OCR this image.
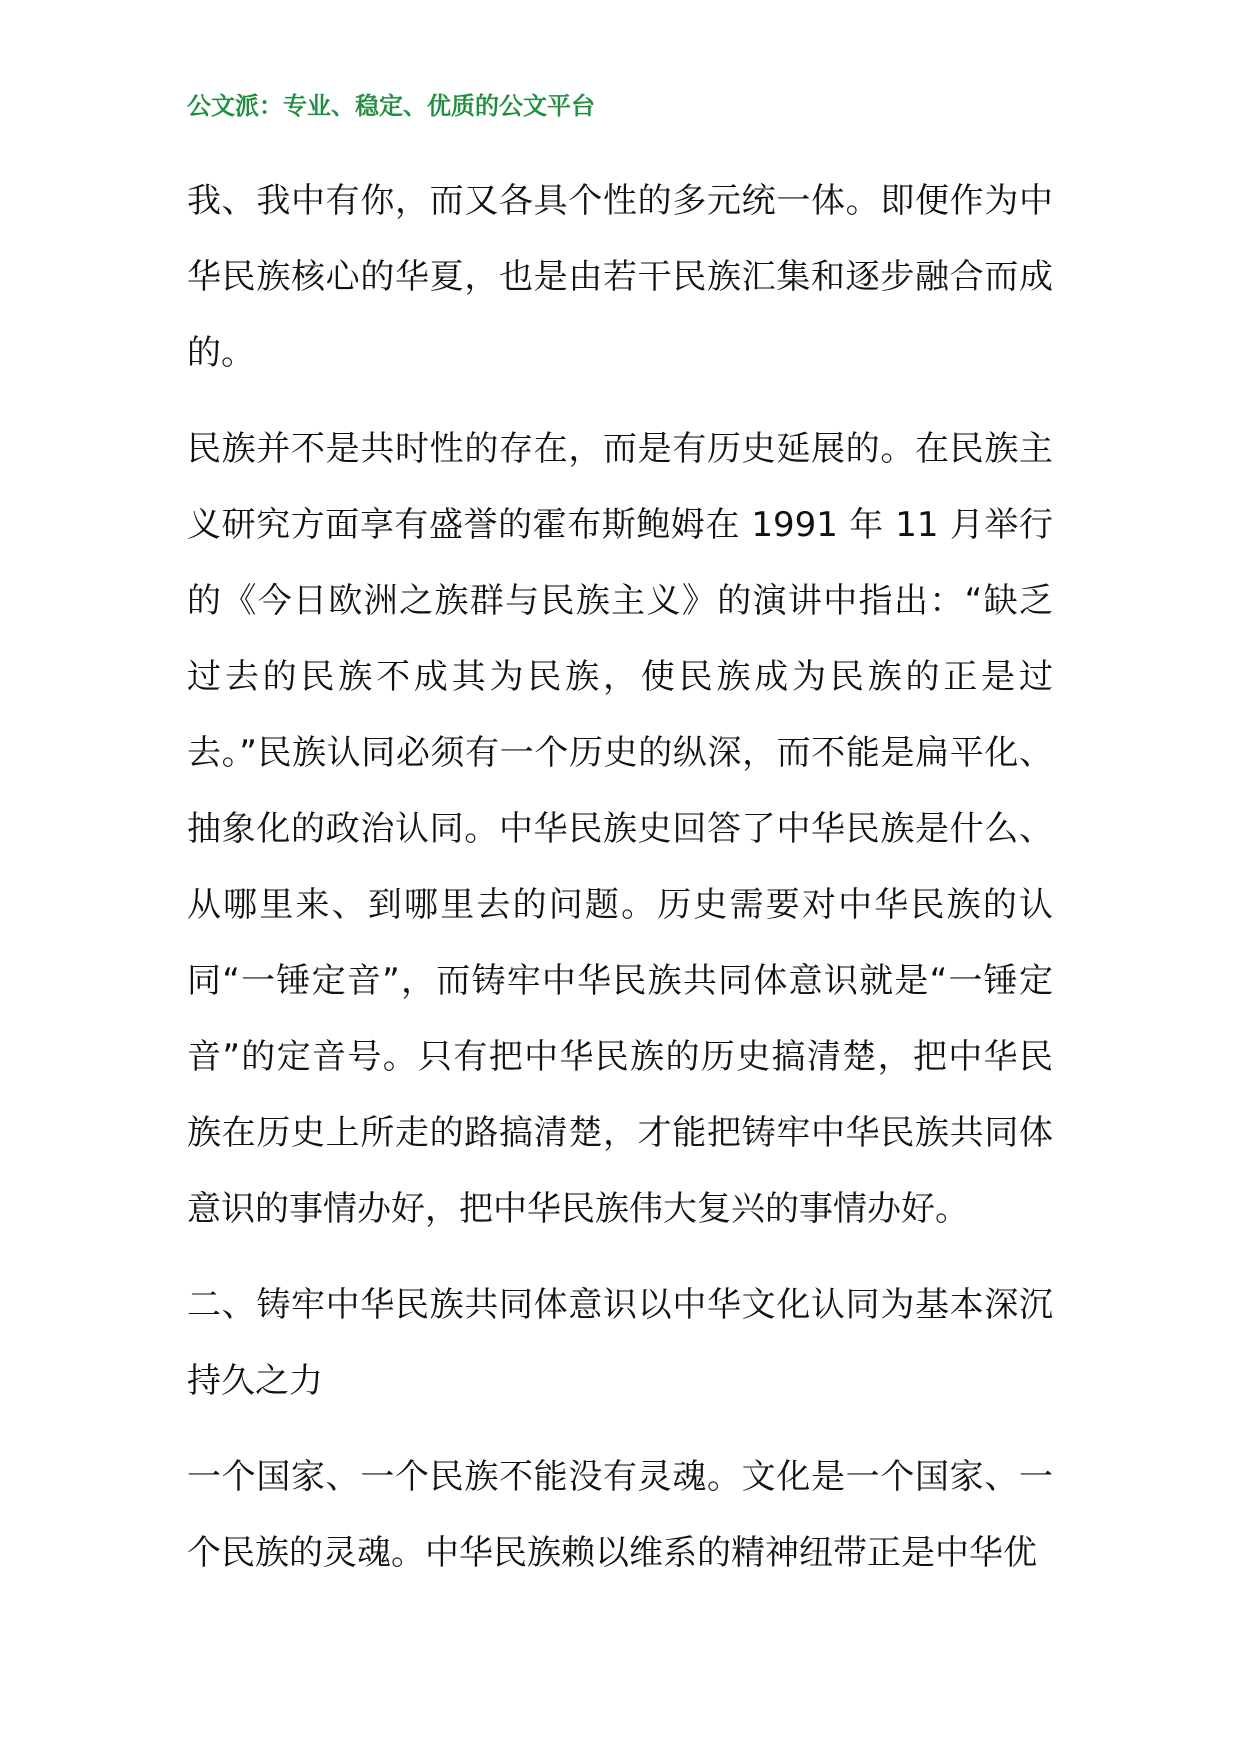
公文派：专业、稳定、优质的公文平台

我、我中有你，而又各具个性的多元统一体。即便作为中华民族核心的华夏，也是由若干民族汇集和逐步融合而成的。

民族并不是共时性的存在，而是有历史延展的。在民族主义研究方面享有盛誉的霍布斯鲍姆在 1991 年 11 月举行的《今日欧洲之族群与民族主义》的演讲中指出：“缺乏过去的民族不成其为民族，使民族成为民族的正是过去。”民族认同必须有一个历史的纵深，而不能是扁平化、抽象化的政治认同。中华民族史回答了中华民族是什么、从哪里来、到哪里去的问题。历史需要对中华民族的认同“一锤定音”，而铸牢中华民族共同体意识就是“一锤定音”的定音号。只有把中华民族的历史搞清楚，把中华民族在历史上所走的路搞清楚，才能把铸牢中华民族共同体意识的事情办好，把中华民族伟大复兴的事情办好。

二、铸牢中华民族共同体意识以中华文化认同为基本深沉持久之力

一个国家、一个民族不能没有灵魂。文化是一个国家、一个民族的灵魂。中华民族赖以维系的精神纽带正是中华优
